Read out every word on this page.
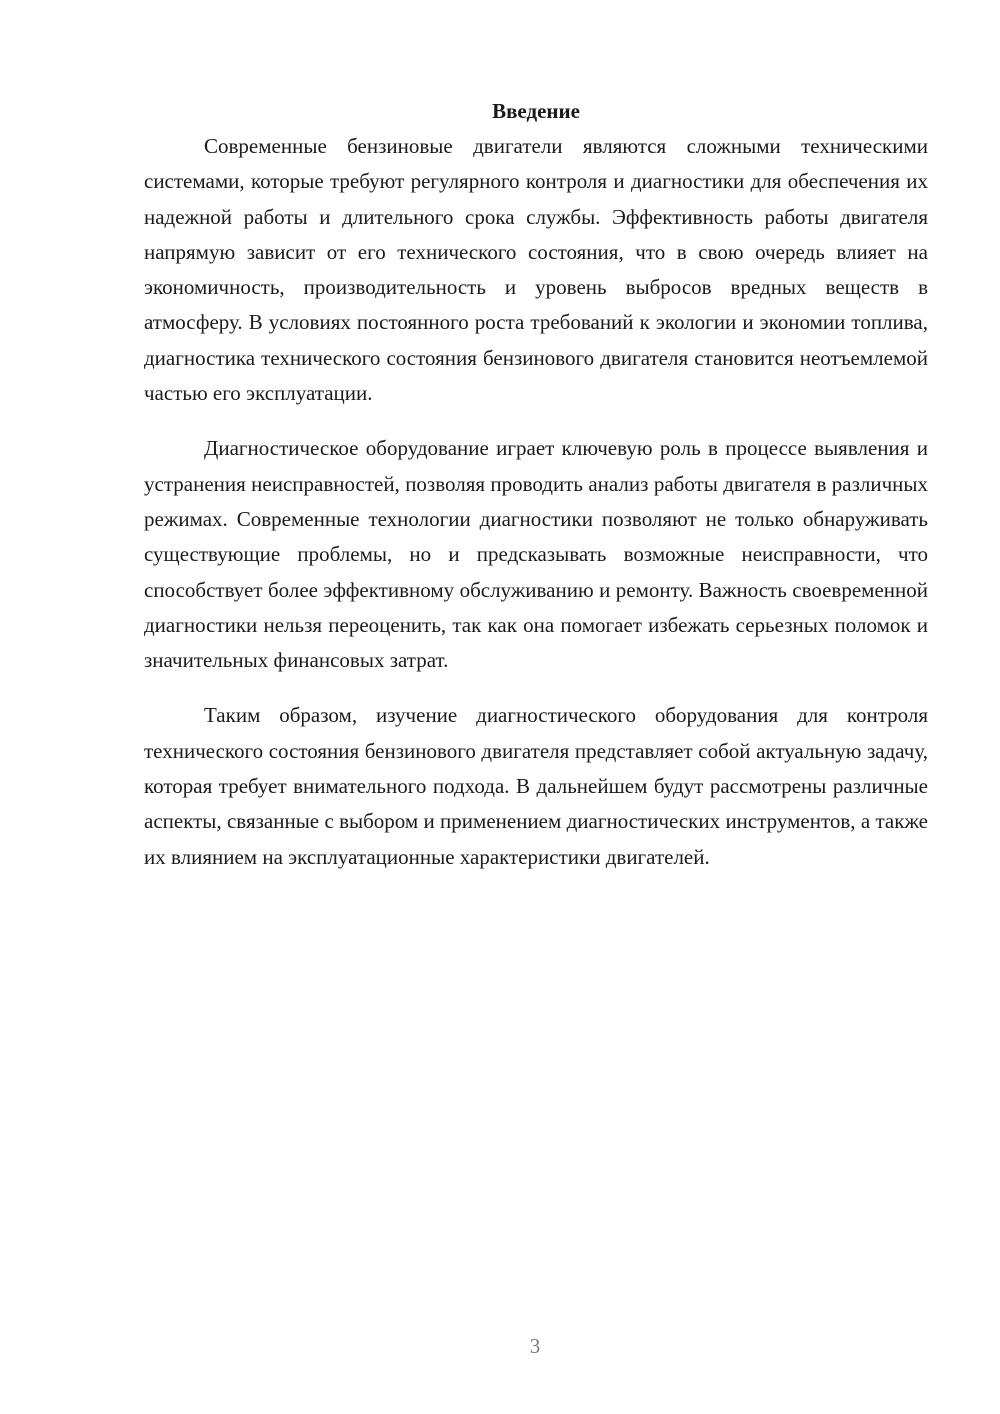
Введение

Современные бензиновые двигатели являются сложными техническими системами, которые требуют регулярного контроля и диагностики для обеспечения их надежной работы и длительного срока службы. Эффективность работы двигателя напрямую зависит от его технического состояния, что в свою очередь влияет на экономичность, производительность и уровень выбросов вредных веществ в атмосферу. В условиях постоянного роста требований к экологии и экономии топлива, диагностика технического состояния бензинового двигателя становится неотъемлемой частью его эксплуатации.

Диагностическое оборудование играет ключевую роль в процессе выявления и устранения неисправностей, позволяя проводить анализ работы двигателя в различных режимах. Современные технологии диагностики позволяют не только обнаруживать существующие проблемы, но и предсказывать возможные неисправности, что способствует более эффективному обслуживанию и ремонту. Важность своевременной диагностики нельзя переоценить, так как она помогает избежать серьезных поломок и значительных финансовых затрат.

Таким образом, изучение диагностического оборудования для контроля технического состояния бензинового двигателя представляет собой актуальную задачу, которая требует внимательного подхода. В дальнейшем будут рассмотрены различные аспекты, связанные с выбором и применением диагностических инструментов, а также их влиянием на эксплуатационные характеристики двигателей.

3
